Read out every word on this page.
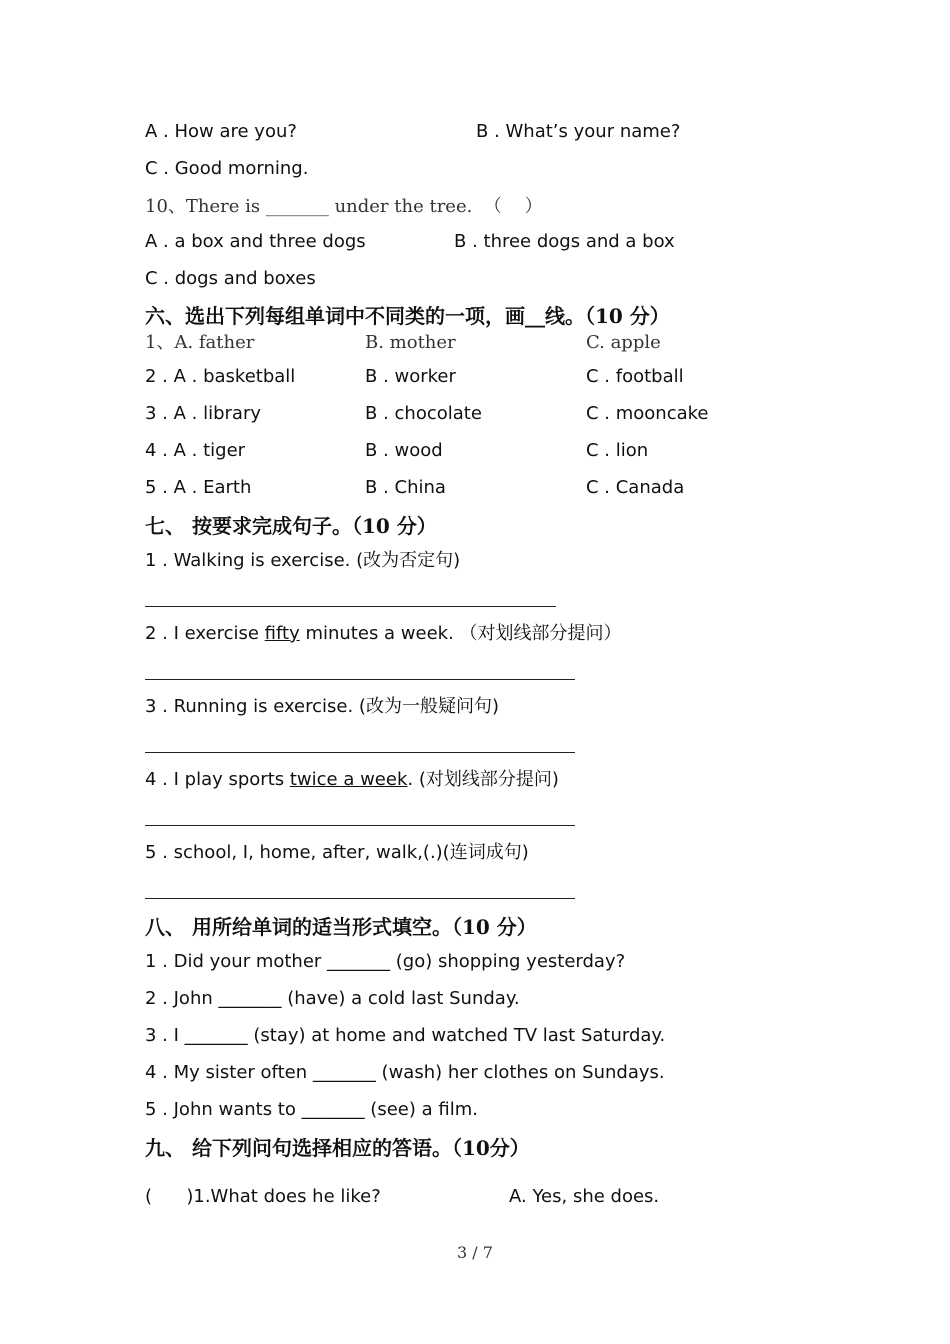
A . How are you?	B . What’s your name?
C . Good morning.
10、There is _______ under the tree.  （    ）
A . a box and three dogs	B . three dogs and a box
C . dogs and boxes
六、选出下列每组单词中不同类的一项，画__线。（10 分）
1、A. father	B. mother	C. apple
2 . A . basketball	B . worker	C . football
3 . A . library	B . chocolate	C . mooncake
4 . A . tiger	B . wood	C . lion
5 . A . Earth	B . China	C . Canada
七、 按要求完成句子。（10 分）
1 . Walking is exercise. (改为否定句)
2 . I exercise fifty minutes a week. （对划线部分提问）
3 . Running is exercise. (改为一般疑问句)
4 . I play sports twice a week. (对划线部分提问)
5 . school, I, home, after, walk,(.)(连词成句)
八、 用所给单词的适当形式填空。（10 分）
1 . Did your mother _______ (go) shopping yesterday?
2 . John _______ (have) a cold last Sunday.
3 . I _______ (stay) at home and watched TV last Saturday.
4 . My sister often _______ (wash) her clothes on Sundays.
5 . John wants to _______ (see) a film.
九、 给下列问句选择相应的答语。（10分）
(      )1.What does he like?	A. Yes, she does.
3 / 7
